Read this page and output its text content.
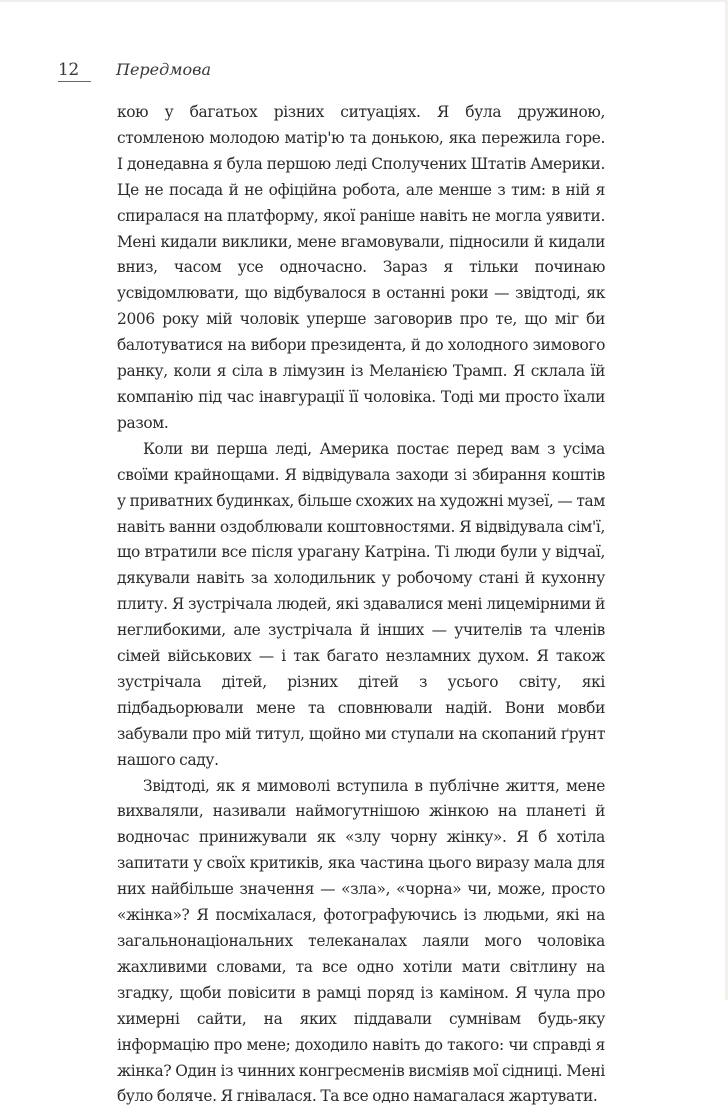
12 Передмова

кою у багатьох різних ситуаціях. Я була дружиною, стомленою молодою матір'ю та донькою, яка пережила горе. І донедавна я була першою леді Сполучених Штатів Америки. Це не посада й не офіційна робота, але менше з тим: в ній я спиралася на платформу, якої раніше навіть не могла уявити. Мені кидали виклики, мене вгамовували, підносили й кидали вниз, часом усе одночасно. Зараз я тільки починаю усвідомлювати, що відбувалося в останні роки — звідтоді, як 2006 року мій чоловік уперше заговорив про те, що міг би балотуватися на вибори президента, й до холодного зимового ранку, коли я сіла в лімузин із Меланією Трамп. Я склала їй компанію під час інавгурації її чоловіка. Тоді ми просто їхали разом.

Коли ви перша леді, Америка постає перед вам з усіма своїми крайнощами. Я відвідувала заходи зі збирання коштів у приватних будинках, більше схожих на художні музеї, — там навіть ванни оздоблювали коштовностями. Я відвідувала сім'ї, що втратили все після урагану Катріна. Ті люди були у відчаї, дякували навіть за холодильник у робочому стані й кухонну плиту. Я зустрічала людей, які здавалися мені лицемірними й неглибокими, але зустрічала й інших — учителів та членів сімей військових — і так багато незламних духом. Я також зустрічала дітей, різних дітей з усього світу, які підбадьорювали мене та сповнювали надій. Вони мовби забували про мій титул, щойно ми ступали на скопаний ґрунт нашого саду.

Звідтоді, як я мимоволі вступила в публічне життя, мене вихваляли, називали наймогутнішою жінкою на планеті й водночас принижували як «злу чорну жінку». Я б хотіла запитати у своїх критиків, яка частина цього виразу мала для них найбільше значення — «зла», «чорна» чи, може, просто «жінка»? Я посміхалася, фотографуючись із людьми, які на загальнонаціональних телеканалах лаяли мого чоловіка жахливими словами, та все одно хотіли мати світлину на згадку, щоби повісити в рамці поряд із каміном. Я чула про химерні сайти, на яких піддавали сумнівам будь-яку інформацію про мене; доходило навіть до такого: чи справді я жінка? Один із чинних конгресменів висміяв мої сідниці. Мені було боляче. Я гнівалася. Та все одно намагалася жартувати.
